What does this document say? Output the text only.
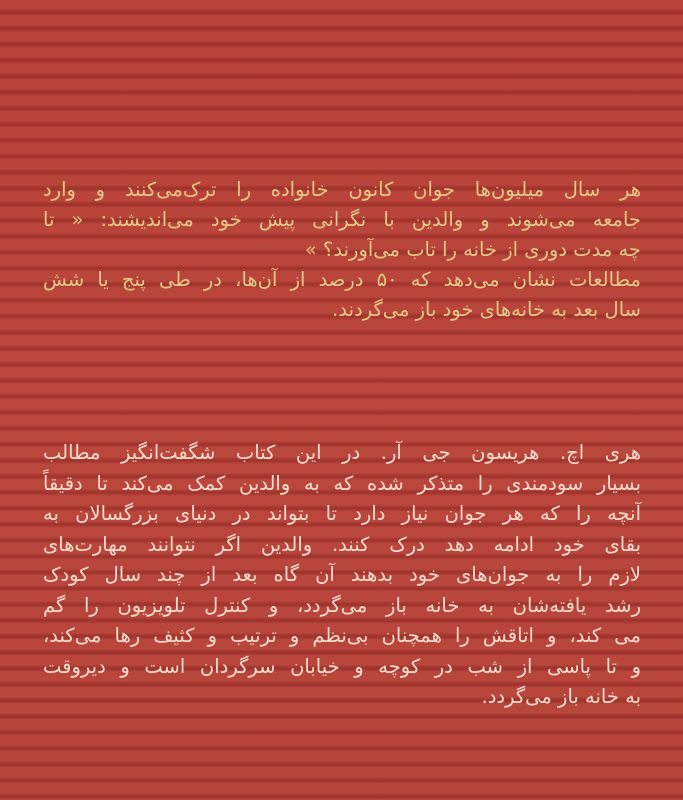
هر سال میلیون‌ها جوان کانون خانواده را ترک‌می‌کنند و وارد
جامعه می‌شوند و والدین با نگرانی پیش خود می‌اندیشند: « تا
چه مدت دوری از خانه را تاب می‌آورند؟ »
مطالعات نشان می‌دهد که ۵۰ درصد از آن‌ها، در طی پنج یا شش
سال بعد به خانه‌های خود باز می‌گردند.
هری اچ. هریسون جی آر. در این کتاب شگفت‌انگیز مطالب
بسیار سودمندی را متذکر شده که به والدین کمک می‌کند تا دقیقاً
آنچه را که هر جوان نیاز دارد تا بتواند در دنیای بزرگسالان به
بقای خود ادامه دهد درک کنند. والدین اگر نتوانند مهارت‌های
لازم را به جوان‌های خود بدهند آن گاه بعد از چند سال کودک
رشد یافته‌شان به خانه باز می‌گردد، و کنترل تلویزیون را گم
می کند، و اتاقش را همچنان بی‌نظم و ترتیب و کثیف رها می‌کند،
و تا پاسی از شب در کوچه و خیابان سرگردان است و دیروقت
به خانه باز می‌گردد.
